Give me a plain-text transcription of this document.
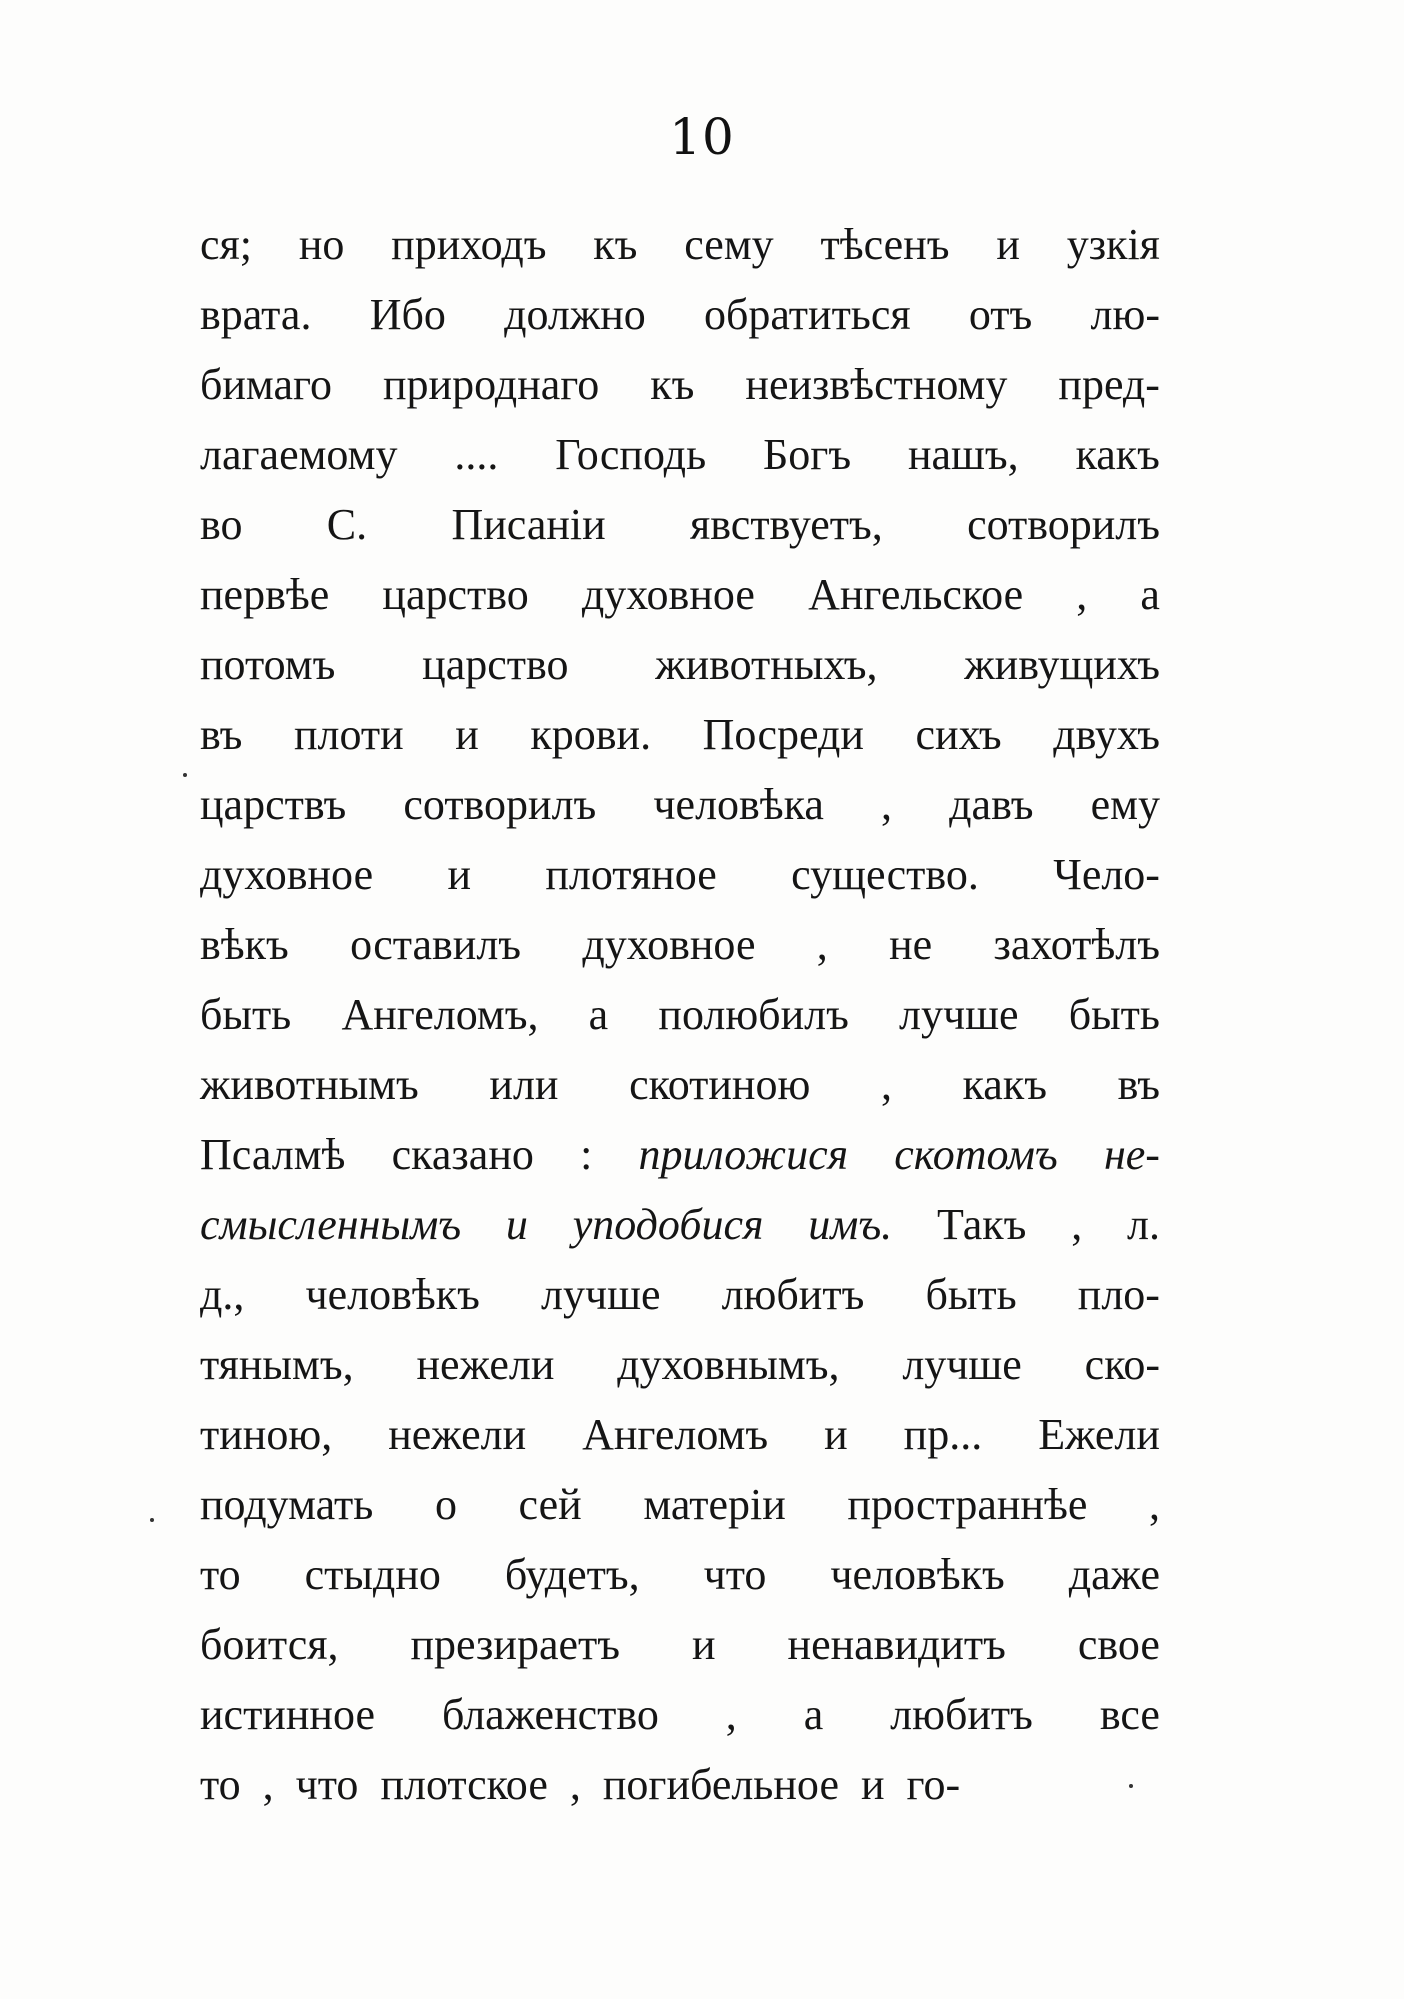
10
ся; но приходъ къ сему тѣсенъ и узкія
врата. Ибо должно обратиться отъ лю-
бимаго природнаго къ неизвѣстному пред-
лагаемому .... Господь Богъ нашъ, какъ
во С. Писаніи явствуетъ, сотворилъ
первѣе царство духовное Ангельское , а
потомъ царство животныхъ, живущихъ
въ плоти и крови. Посреди сихъ двухъ
царствъ сотворилъ человѣка , давъ ему
духовное и плотяное существо. Чело-
вѣкъ оставилъ духовное , не захотѣлъ
быть Ангеломъ, а полюбилъ лучше быть
животнымъ или скотиною , какъ въ
Псалмѣ сказано : приложися скотомъ не-
смысленнымъ и уподобися имъ. Такъ , л.
д., человѣкъ лучше любитъ быть пло-
тянымъ, нежели духовнымъ, лучше ско-
тиною, нежели Ангеломъ и пр... Ежели
подумать о сей матеріи пространнѣе ,
то стыдно будетъ, что человѣкъ даже
боится, презираетъ и ненавидитъ свое
истинное блаженство , а любитъ все
то , что плотское , погибельное и го-
